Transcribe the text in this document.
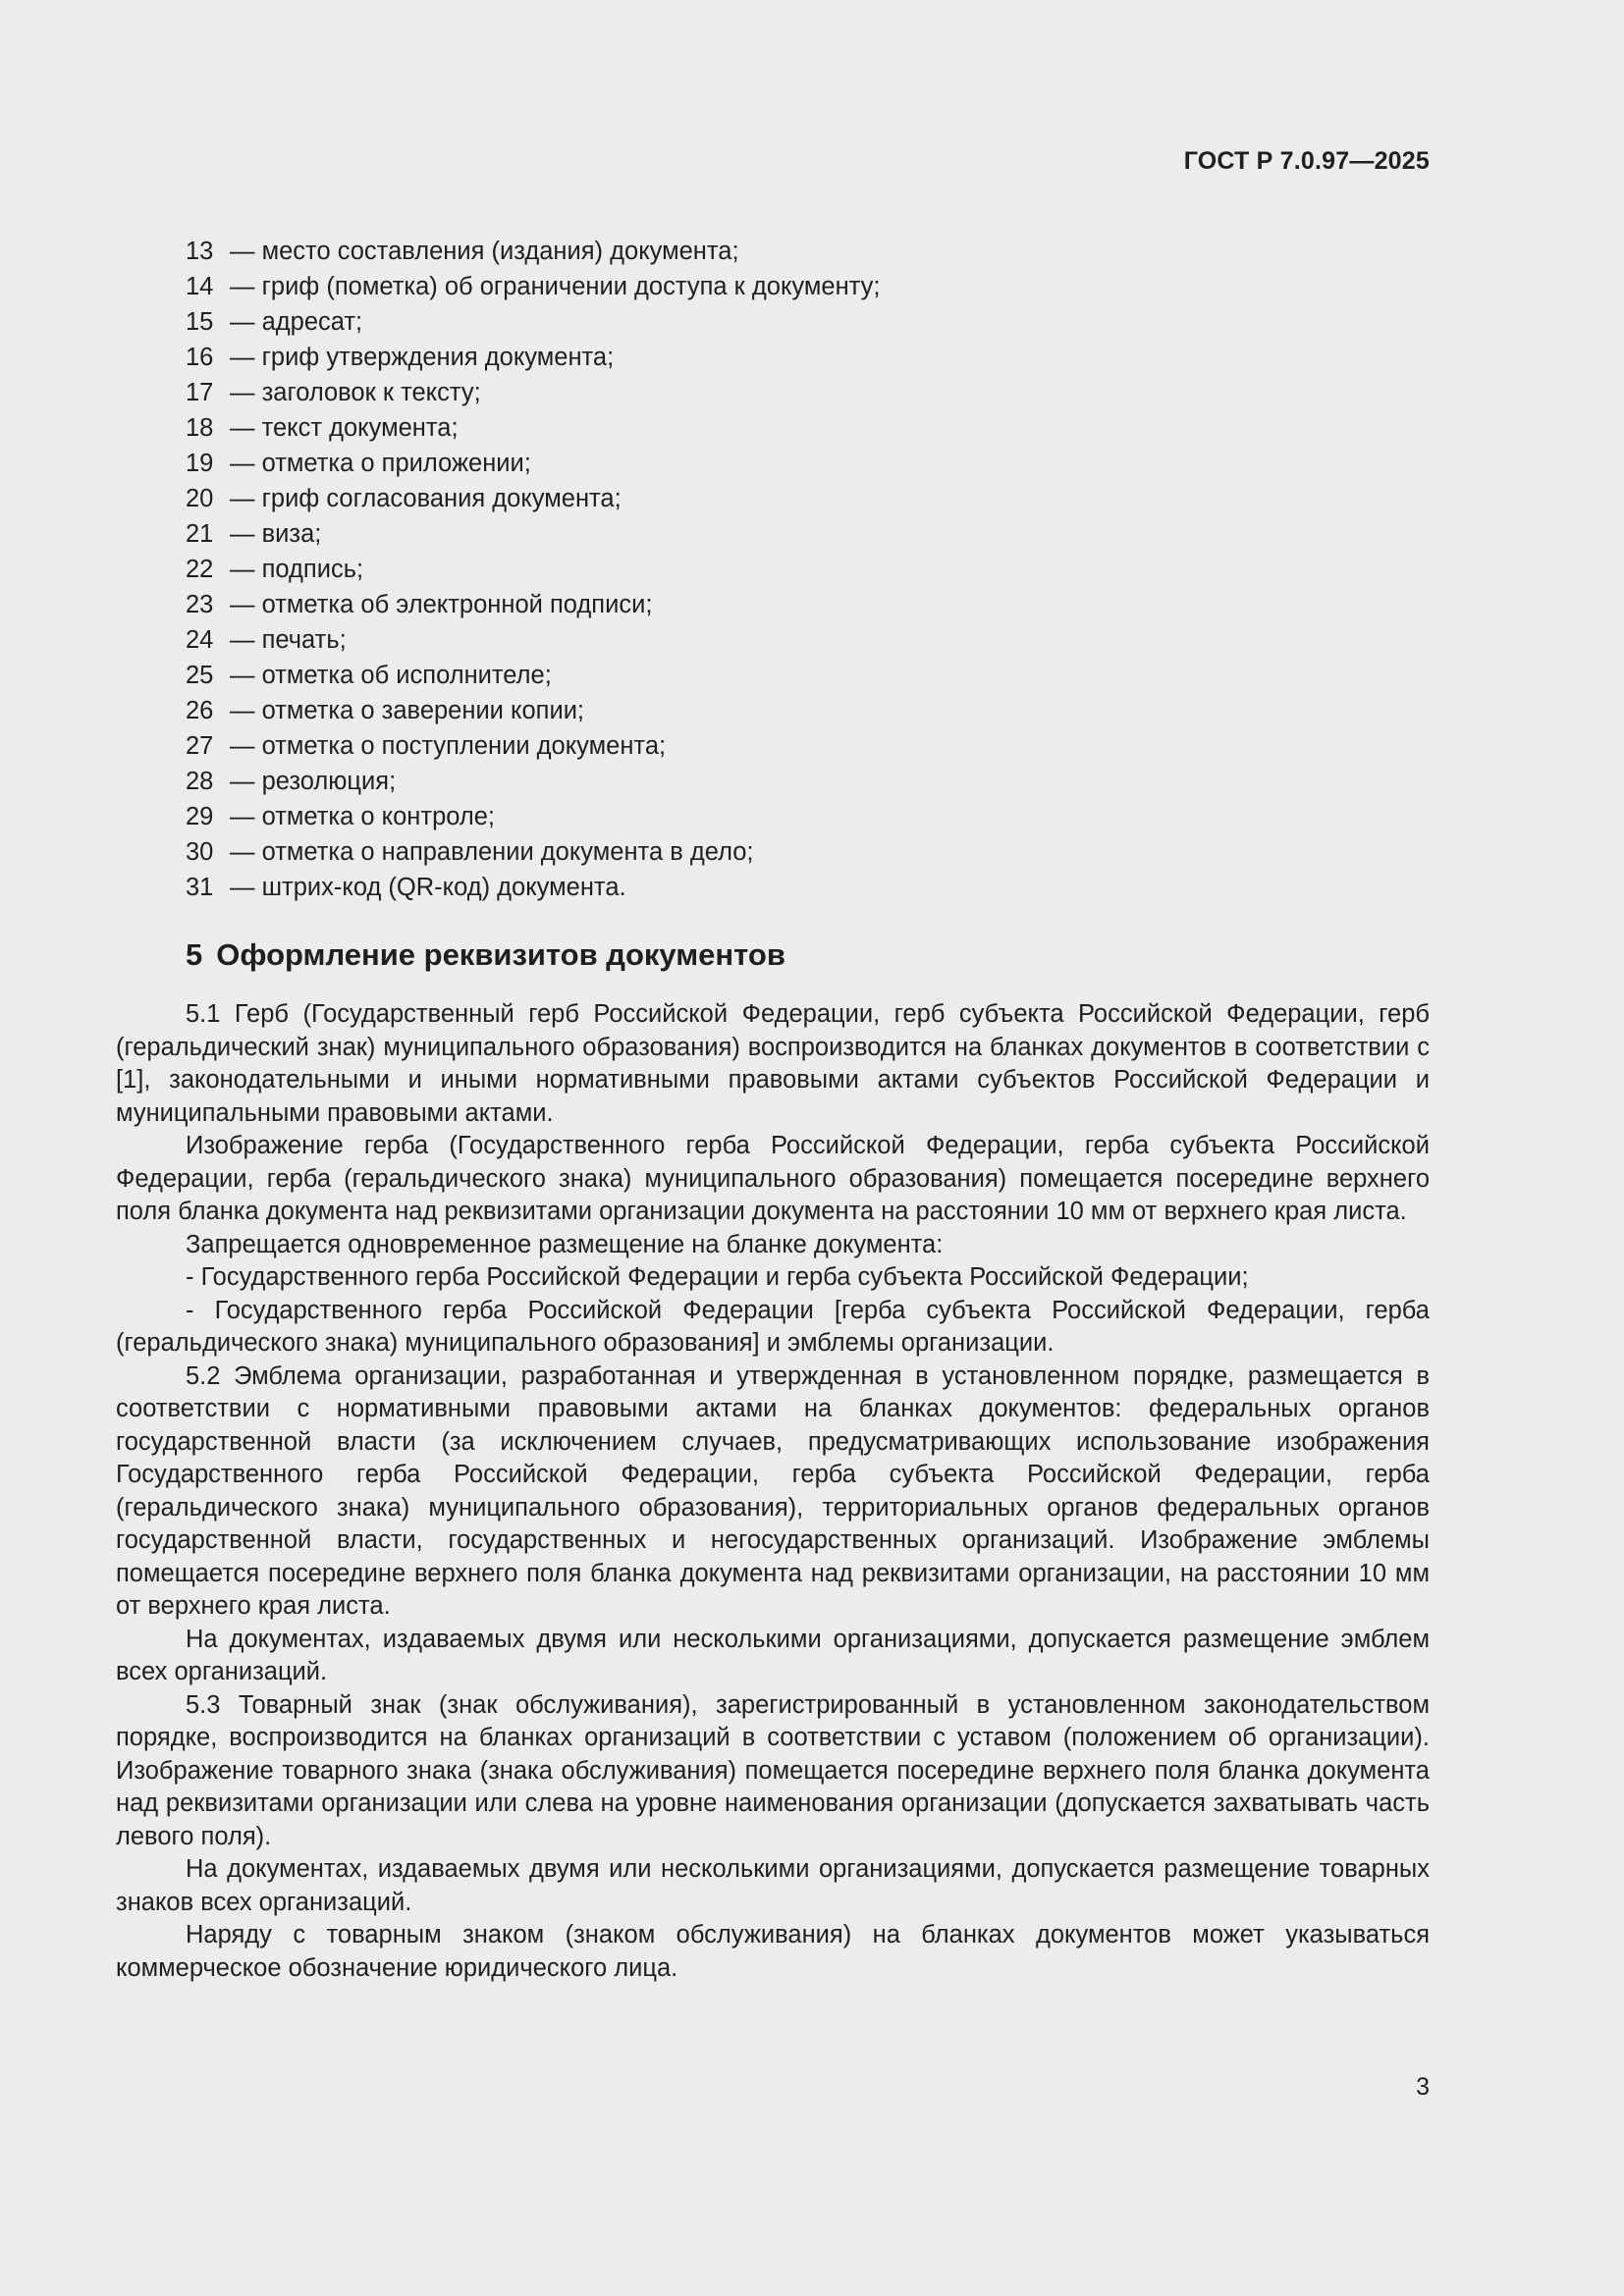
ГОСТ Р 7.0.97—2025
13 — место составления (издания) документа;
14 — гриф (пометка) об ограничении доступа к документу;
15 — адресат;
16 — гриф утверждения документа;
17 — заголовок к тексту;
18 — текст документа;
19 — отметка о приложении;
20 — гриф согласования документа;
21 — виза;
22 — подпись;
23 — отметка об электронной подписи;
24 — печать;
25 — отметка об исполнителе;
26 — отметка о заверении копии;
27 — отметка о поступлении документа;
28 — резолюция;
29 — отметка о контроле;
30 — отметка о направлении документа в дело;
31 — штрих-код (QR-код) документа.
5 Оформление реквизитов документов

5.1 Герб (Государственный герб Российской Федерации, герб субъекта Российской Федерации, герб (геральдический знак) муниципального образования) воспроизводится на бланках документов в соответствии с [1], законодательными и иными нормативными правовыми актами субъектов Российской Федерации и муниципальными правовыми актами.

Изображение герба (Государственного герба Российской Федерации, герба субъекта Российской Федерации, герба (геральдического знака) муниципального образования) помещается посередине верхнего поля бланка документа над реквизитами организации документа на расстоянии 10 мм от верхнего края листа.

Запрещается одновременное размещение на бланке документа:

- Государственного герба Российской Федерации и герба субъекта Российской Федерации;

- Государственного герба Российской Федерации [герба субъекта Российской Федерации, герба (геральдического знака) муниципального образования] и эмблемы организации.

5.2 Эмблема организации, разработанная и утвержденная в установленном порядке, размещается в соответствии с нормативными правовыми актами на бланках документов: федеральных органов государственной власти (за исключением случаев, предусматривающих использование изображения Государственного герба Российской Федерации, герба субъекта Российской Федерации, герба (геральдического знака) муниципального образования), территориальных органов федеральных органов государственной власти, государственных и негосударственных организаций. Изображение эмблемы помещается посередине верхнего поля бланка документа над реквизитами организации, на расстоянии 10 мм от верхнего края листа.

На документах, издаваемых двумя или несколькими организациями, допускается размещение эмблем всех организаций.

5.3 Товарный знак (знак обслуживания), зарегистрированный в установленном законодательством порядке, воспроизводится на бланках организаций в соответствии с уставом (положением об организации). Изображение товарного знака (знака обслуживания) помещается посередине верхнего поля бланка документа над реквизитами организации или слева на уровне наименования организации (допускается захватывать часть левого поля).

На документах, издаваемых двумя или несколькими организациями, допускается размещение товарных знаков всех организаций.

Наряду с товарным знаком (знаком обслуживания) на бланках документов может указываться коммерческое обозначение юридического лица.

3
